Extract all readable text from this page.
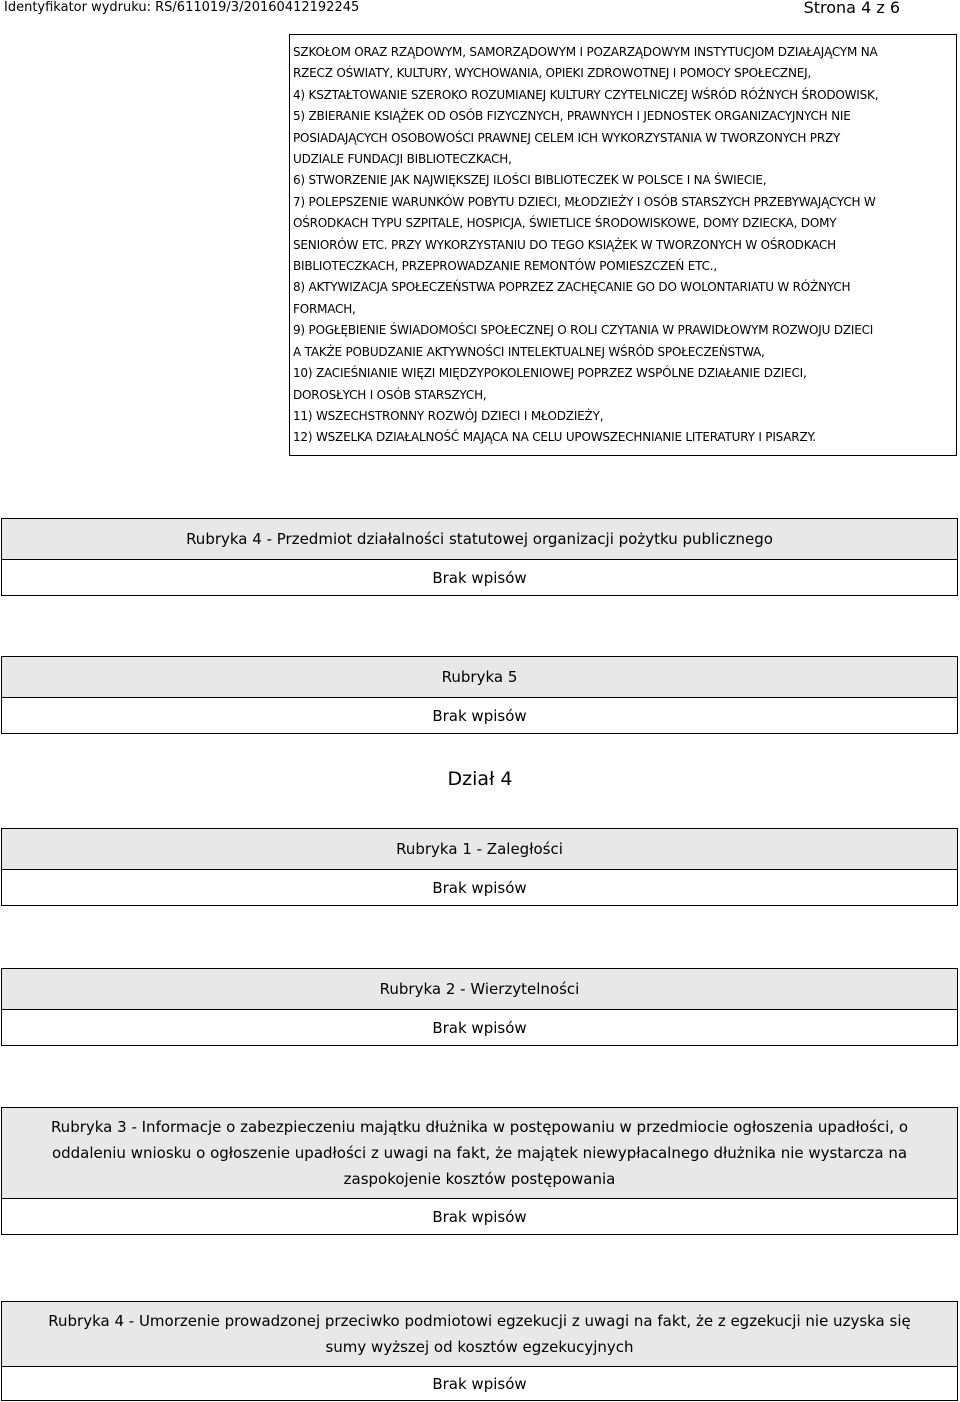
Identyfikator wydruku: RS/611019/3/20160412192245	Strona 4 z 6
SZKOŁOM ORAZ RZĄDOWYM, SAMORZĄDOWYM I POZARZĄDOWYM INSTYTUCJOM DZIAŁAJĄCYM NA
RZECZ OŚWIATY, KULTURY, WYCHOWANIA, OPIEKI ZDROWOTNEJ I POMOCY SPOŁECZNEJ,
4) KSZTAŁTOWANIE SZEROKO ROZUMIANEJ KULTURY CZYTELNICZEJ WŚRÓD RÓŻNYCH ŚRODOWISK,
5) ZBIERANIE KSIĄŻEK OD OSÓB FIZYCZNYCH, PRAWNYCH I JEDNOSTEK ORGANIZACYJNYCH NIE
POSIADAJĄCYCH OSOBOWOŚCI PRAWNEJ CELEM ICH WYKORZYSTANIA W TWORZONYCH PRZY
UDZIALE FUNDACJI BIBLIOTECZKACH,
6) STWORZENIE JAK NAJWIĘKSZEJ ILOŚCI BIBLIOTECZEK W POLSCE I NA ŚWIECIE,
7) POLEPSZENIE WARUNKÓW POBYTU DZIECI, MŁODZIEŻY I OSÓB STARSZYCH PRZEBYWAJĄCYCH W
OŚRODKACH TYPU SZPITALE, HOSPICJA, ŚWIETLICE ŚRODOWISKOWE, DOMY DZIECKA, DOMY
SENIORÓW ETC. PRZY WYKORZYSTANIU DO TEGO KSIĄŻEK W TWORZONYCH W OŚRODKACH
BIBLIOTECZKACH, PRZEPROWADZANIE REMONTÓW POMIESZCZEŃ ETC.,
8) AKTYWIZACJA SPOŁECZEŃSTWA POPRZEZ ZACHĘCANIE GO DO WOLONTARIATU W RÓŻNYCH
FORMACH,
9) POGŁĘBIENIE ŚWIADOMOŚCI SPOŁECZNEJ O ROLI CZYTANIA W PRAWIDŁOWYM ROZWOJU DZIECI
A TAKŻE POBUDZANIE AKTYWNOŚCI INTELEKTUALNEJ WŚRÓD SPOŁECZEŃSTWA,
10) ZACIEŚNIANIE WIĘZI MIĘDZYPOKOLENIOWEJ POPRZEZ WSPÓLNE DZIAŁANIE DZIECI,
DOROSŁYCH I OSÓB STARSZYCH,
11) WSZECHSTRONNY ROZWÓJ DZIECI I MŁODZIEŻY,
12) WSZELKA DZIAŁALNOŚĆ MAJĄCA NA CELU UPOWSZECHNIANIE LITERATURY I PISARZY.
Rubryka 4 - Przedmiot działalności statutowej organizacji pożytku publicznego
Brak wpisów
Rubryka 5
Brak wpisów
Dział 4
Rubryka 1 - Zaległości
Brak wpisów
Rubryka 2 - Wierzytelności
Brak wpisów
Rubryka 3 - Informacje o zabezpieczeniu majątku dłużnika w postępowaniu w przedmiocie ogłoszenia upadłości, o
oddaleniu wniosku o ogłoszenie upadłości z uwagi na fakt, że majątek niewypłacalnego dłużnika nie wystarcza na
zaspokojenie kosztów postępowania
Brak wpisów
Rubryka 4 - Umorzenie prowadzonej przeciwko podmiotowi egzekucji z uwagi na fakt, że z egzekucji nie uzyska się
sumy wyższej od kosztów egzekucyjnych
Brak wpisów
